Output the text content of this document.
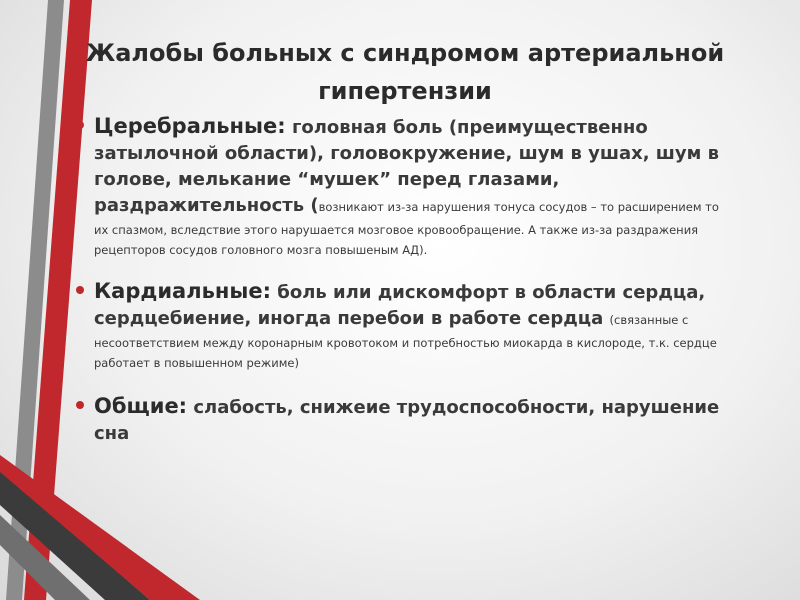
Жалобы больных с синдромом артериальной
гипертензии

Церебральные: головная боль (преимущественно затылочной области), головокружение, шум в ушах, шум в голове, мелькание “мушек” перед глазами, раздражительность (возникают из-за нарушения тонуса сосудов – то расширением то их спазмом, вследствие этого нарушается мозговое кровообращение. А также из-за раздражения рецепторов сосудов головного мозга повышеным АД).

Кардиальные: боль или дискомфорт в области сердца, сердцебиение, иногда перебои в работе сердца (связанные с несоответствием между коронарным кровотоком и потребностью миокарда в кислороде, т.к. сердце работает в повышенном режиме)

Общие: слабость, снижеие трудоспособности, нарушение сна
